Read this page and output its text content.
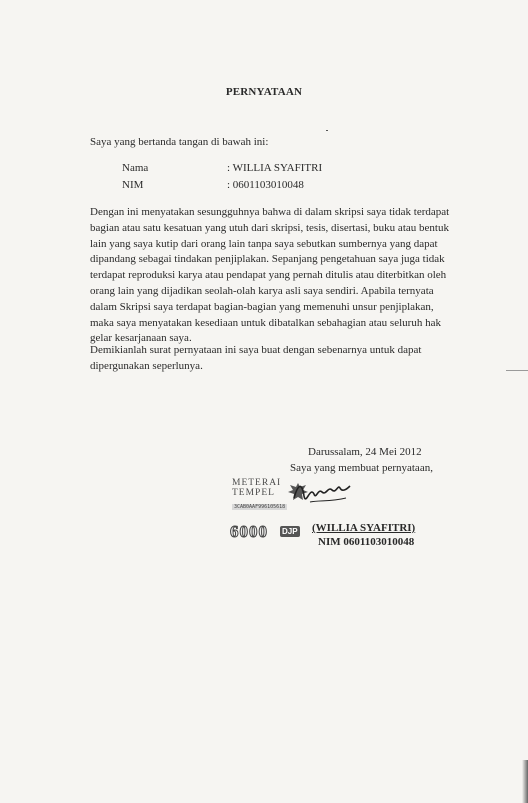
PERNYATAAN
Saya yang bertanda tangan di bawah ini:
Nama	: WILLIA SYAFITRI
NIM	: 0601103010048
Dengan ini menyatakan sesungguhnya bahwa di dalam skripsi saya tidak terdapat
bagian atau satu kesatuan yang utuh dari skripsi, tesis, disertasi, buku atau bentuk
lain yang saya kutip dari orang lain tanpa saya sebutkan sumbernya yang dapat
dipandang sebagai tindakan penjiplakan. Sepanjang pengetahuan saya juga tidak
terdapat reproduksi karya atau pendapat yang pernah ditulis atau diterbitkan oleh
orang lain yang dijadikan seolah-olah karya asli saya sendiri. Apabila ternyata
dalam Skripsi saya terdapat bagian-bagian yang memenuhi unsur penjiplakan,
maka saya menyatakan kesediaan untuk dibatalkan sebahagian atau seluruh hak
gelar kesarjanaan saya.
Demikianlah surat pernyataan ini saya buat dengan sebenarnya untuk dapat
dipergunakan seperlunya.
Darussalam, 24 Mei 2012
Saya yang membuat pernyataan,
METERAI
TEMPEL
3CAB0AAF996105618
6000 DJP (WILLIA SYAFITRI)
NIM 0601103010048
